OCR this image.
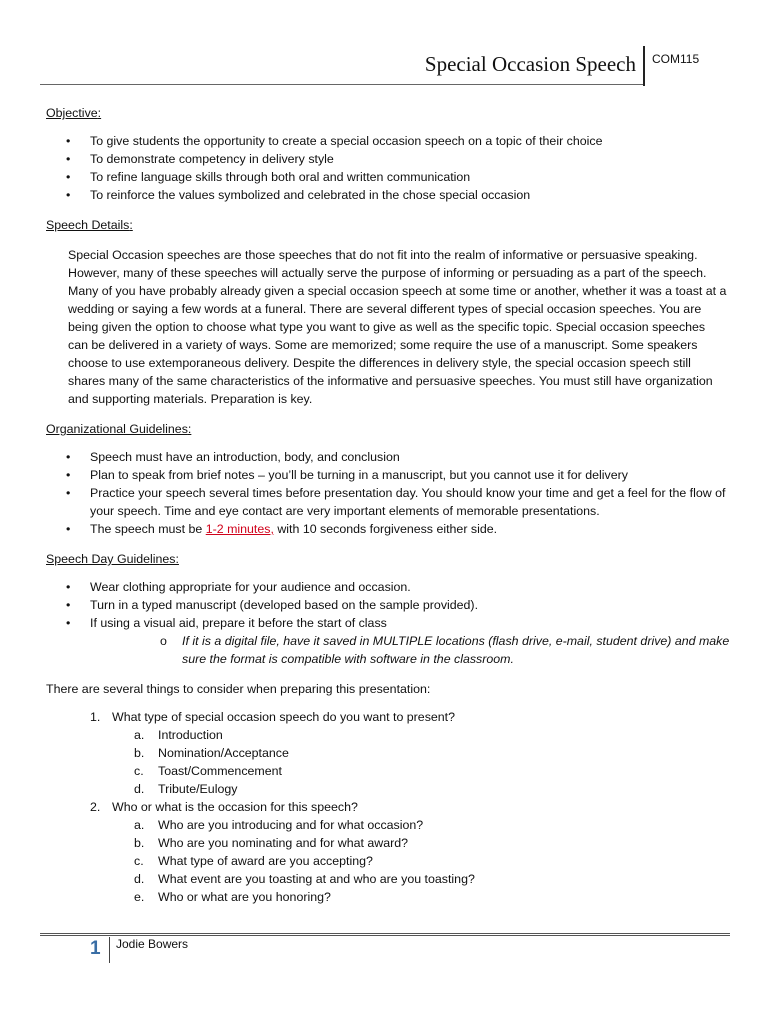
Special Occasion Speech COM115

Objective:

• To give students the opportunity to create a special occasion speech on a topic of their choice
• To demonstrate competency in delivery style
• To refine language skills through both oral and written communication
• To reinforce the values symbolized and celebrated in the chose special occasion

Speech Details:

Special Occasion speeches are those speeches that do not fit into the realm of informative or persuasive speaking. However, many of these speeches will actually serve the purpose of informing or persuading as a part of the speech. Many of you have probably already given a special occasion speech at some time or another, whether it was a toast at a wedding or saying a few words at a funeral. There are several different types of special occasion speeches. You are being given the option to choose what type you want to give as well as the specific topic. Special occasion speeches can be delivered in a variety of ways. Some are memorized; some require the use of a manuscript. Some speakers choose to use extemporaneous delivery. Despite the differences in delivery style, the special occasion speech still shares many of the same characteristics of the informative and persuasive speeches. You must still have organization and supporting materials. Preparation is key.

Organizational Guidelines:

• Speech must have an introduction, body, and conclusion
• Plan to speak from brief notes – you’ll be turning in a manuscript, but you cannot use it for delivery
• Practice your speech several times before presentation day. You should know your time and get a feel for the flow of your speech. Time and eye contact are very important elements of memorable presentations.
• The speech must be 1-2 minutes, with 10 seconds forgiveness either side.

Speech Day Guidelines:

• Wear clothing appropriate for your audience and occasion.
• Turn in a typed manuscript (developed based on the sample provided).
• If using a visual aid, prepare it before the start of class
o If it is a digital file, have it saved in MULTIPLE locations (flash drive, e-mail, student drive) and make sure the format is compatible with software in the classroom.

There are several things to consider when preparing this presentation:

1. What type of special occasion speech do you want to present?
a. Introduction
b. Nomination/Acceptance
c. Toast/Commencement
d. Tribute/Eulogy
2. Who or what is the occasion for this speech?
a. Who are you introducing and for what occasion?
b. Who are you nominating and for what award?
c. What type of award are you accepting?
d. What event are you toasting at and who are you toasting?
e. Who or what are you honoring?
1 Jodie Bowers
